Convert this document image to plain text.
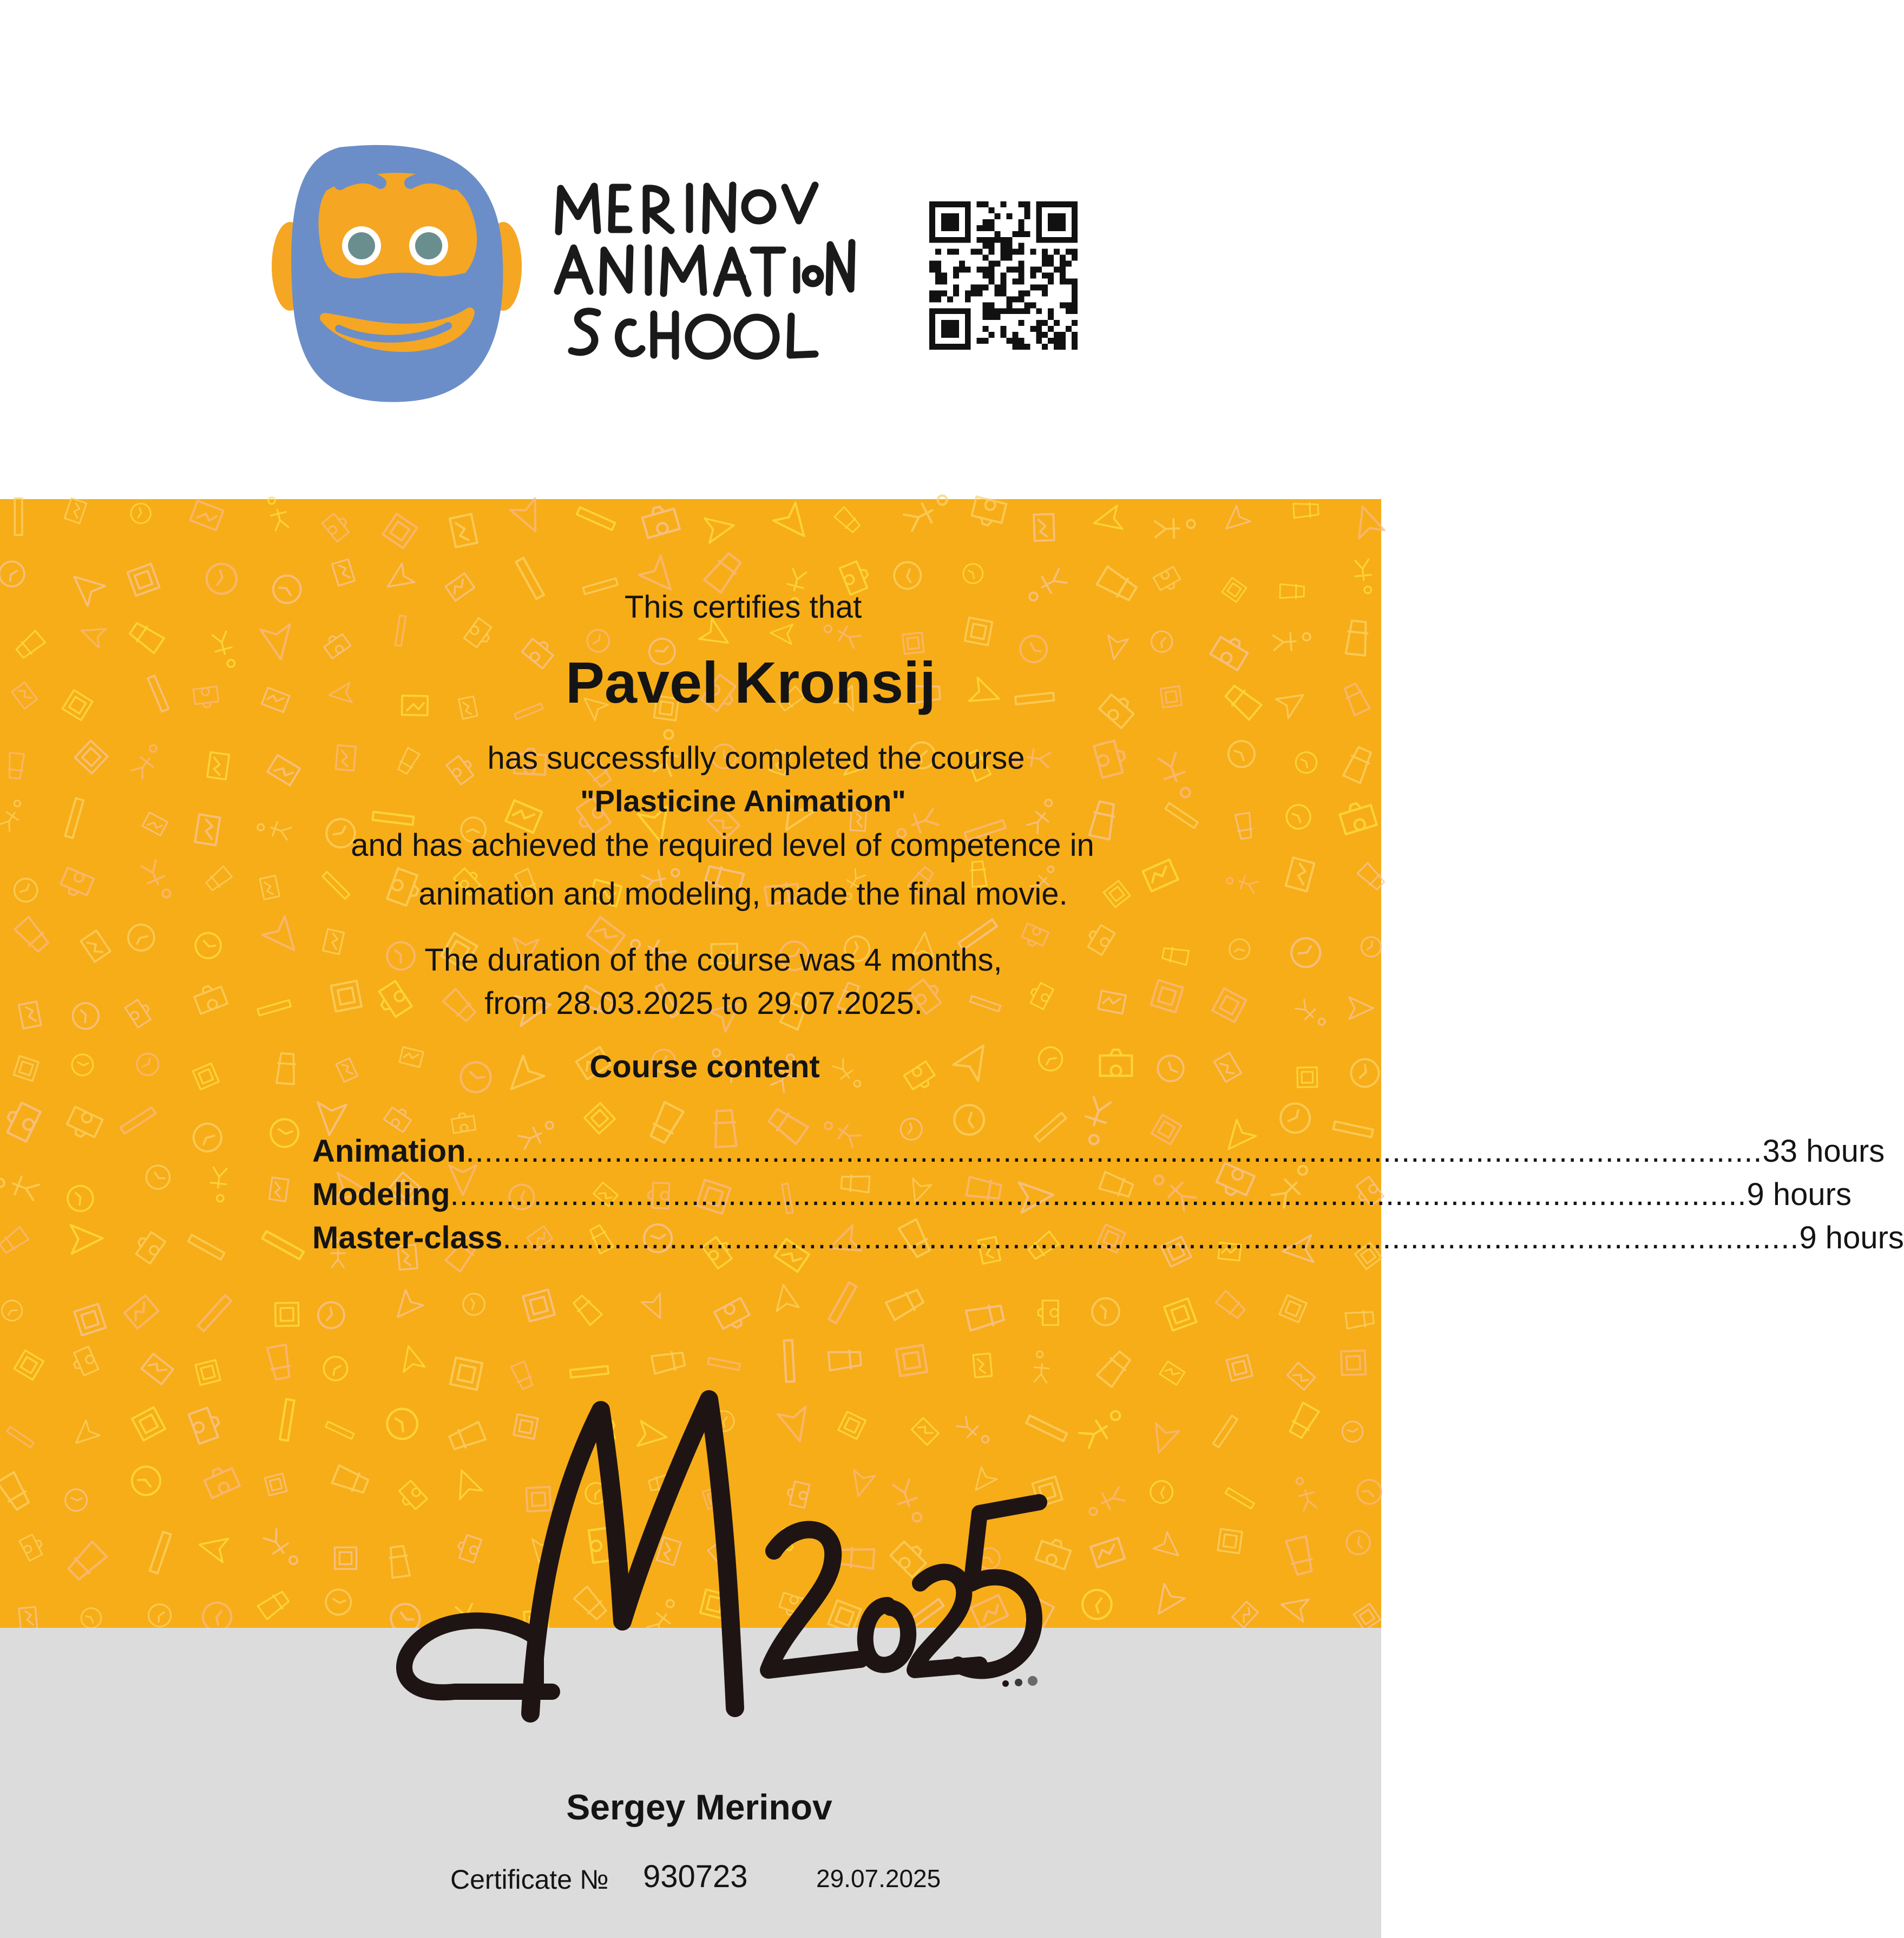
This certifies that
Pavel Kronsij
has successfully completed the course
"Plasticine Animation"
and has achieved the required level of competence in
animation and modeling, made the final movie.
The duration of the course was 4 months,
from 28.03.2025 to 29.07.2025.
Course content
Animation ............................................................................................................................................ 33 hours
Modeling ............................................................................................................................................ 9 hours
Master-class ............................................................................................................................................ 9 hours
Sergey Merinov
Certificate № 930723	29.07.2025
